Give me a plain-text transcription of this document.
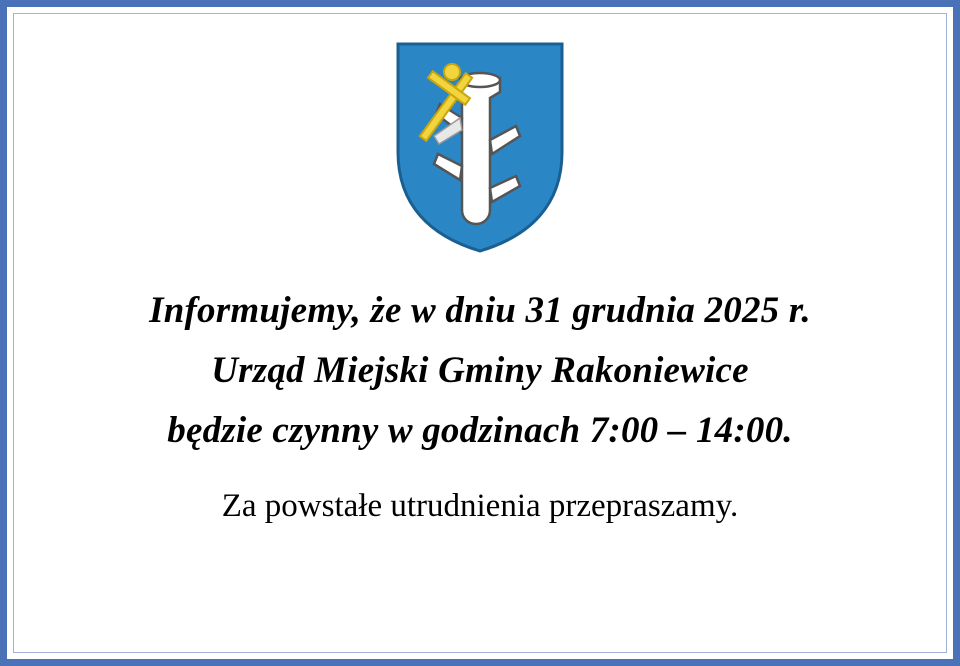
Informujemy, że w dniu 31 grudnia 2025 r.
Urząd Miejski Gminy Rakoniewice
będzie czynny w godzinach 7:00 – 14:00.
Za powstałe utrudnienia przepraszamy.
